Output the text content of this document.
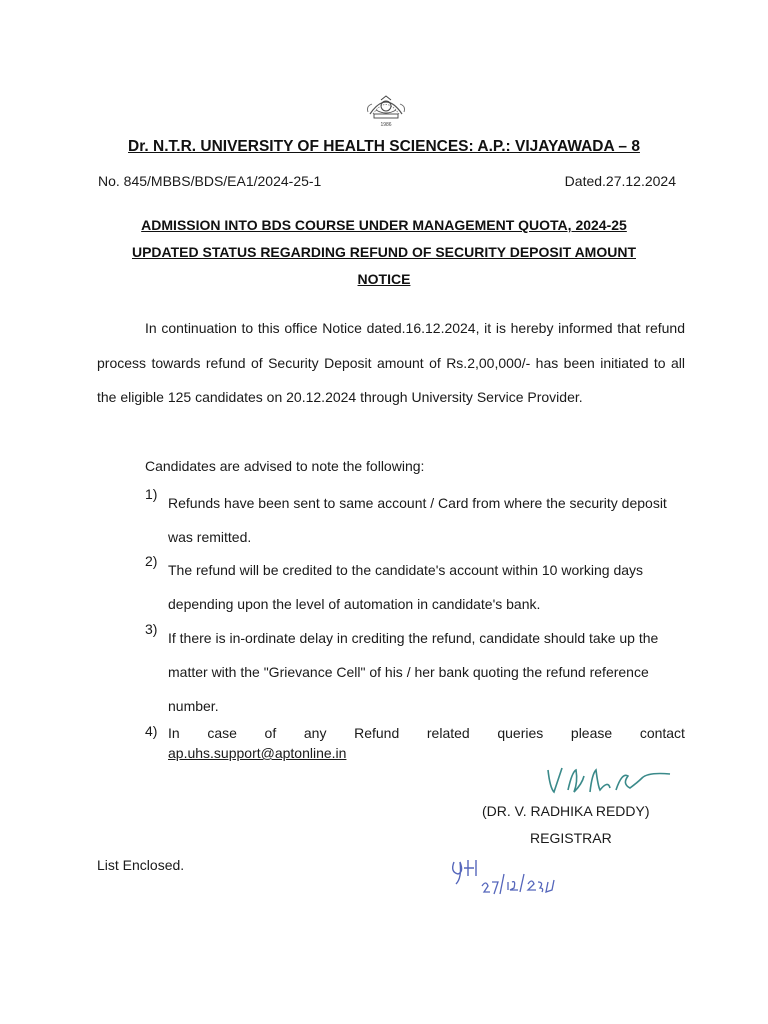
1986
Dr. N.T.R. UNIVERSITY OF HEALTH SCIENCES: A.P.: VIJAYAWADA – 8
No. 845/MBBS/BDS/EA1/2024-25-1	Dated.27.12.2024
ADMISSION INTO BDS COURSE UNDER MANAGEMENT QUOTA, 2024-25
UPDATED STATUS REGARDING REFUND OF SECURITY DEPOSIT AMOUNT
NOTICE
In continuation to this office Notice dated.16.12.2024, it is hereby informed that refund process towards refund of Security Deposit amount of Rs.2,00,000/- has been initiated to all the eligible 125 candidates on 20.12.2024 through University Service Provider.
Candidates are advised to note the following:
1)
Refunds have been sent to same account / Card from where the security deposit was remitted.
2)
The refund will be credited to the candidate's account within 10 working days depending upon the level of automation in candidate's bank.
3)
If there is in-ordinate delay in crediting the refund, candidate should take up the matter with the "Grievance Cell" of his / her bank quoting the refund reference number.
4) In case of any Refund related queries please contact
ap.uhs.support@aptonline.in
(DR. V. RADHIKA REDDY)
REGISTRAR
List Enclosed.
